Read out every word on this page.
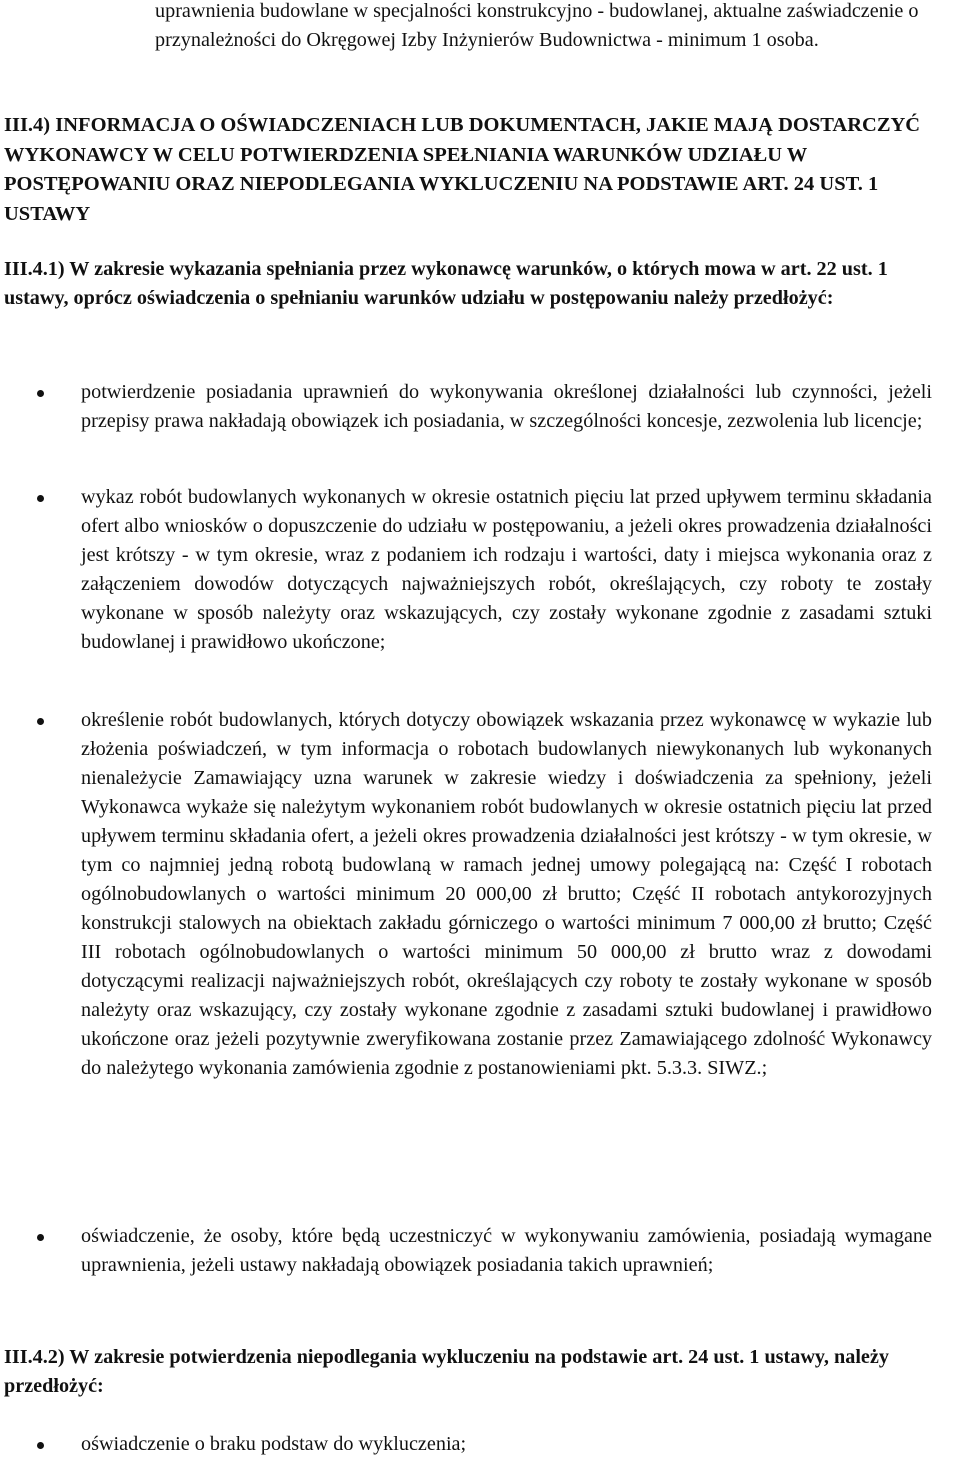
uprawnienia budowlane w specjalności konstrukcyjno - budowlanej, aktualne zaświadczenie o przynależności do Okręgowej Izby Inżynierów Budownictwa - minimum 1 osoba.

III.4) INFORMACJA O OŚWIADCZENIACH LUB DOKUMENTACH, JAKIE MAJĄ DOSTARCZYĆ WYKONAWCY W CELU POTWIERDZENIA SPEŁNIANIA WARUNKÓW UDZIAŁU W POSTĘPOWANIU ORAZ NIEPODLEGANIA WYKLUCZENIU NA PODSTAWIE ART. 24 UST. 1 USTAWY

III.4.1) W zakresie wykazania spełniania przez wykonawcę warunków, o których mowa w art. 22 ust. 1 ustawy, oprócz oświadczenia o spełnianiu warunków udziału w postępowaniu należy przedłożyć:

potwierdzenie posiadania uprawnień do wykonywania określonej działalności lub czynności, jeżeli przepisy prawa nakładają obowiązek ich posiadania, w szczególności koncesje, zezwolenia lub licencje;

wykaz robót budowlanych wykonanych w okresie ostatnich pięciu lat przed upływem terminu składania ofert albo wniosków o dopuszczenie do udziału w postępowaniu, a jeżeli okres prowadzenia działalności jest krótszy - w tym okresie, wraz z podaniem ich rodzaju i wartości, daty i miejsca wykonania oraz z załączeniem dowodów dotyczących najważniejszych robót, określających, czy roboty te zostały wykonane w sposób należyty oraz wskazujących, czy zostały wykonane zgodnie z zasadami sztuki budowlanej i prawidłowo ukończone;

określenie robót budowlanych, których dotyczy obowiązek wskazania przez wykonawcę w wykazie lub złożenia poświadczeń, w tym informacja o robotach budowlanych niewykonanych lub wykonanych nienależycie Zamawiający uzna warunek w zakresie wiedzy i doświadczenia za spełniony, jeżeli Wykonawca wykaże się należytym wykonaniem robót budowlanych w okresie ostatnich pięciu lat przed upływem terminu składania ofert, a jeżeli okres prowadzenia działalności jest krótszy - w tym okresie, w tym co najmniej jedną robotą budowlaną w ramach jednej umowy polegającą na: Część I robotach ogólnobudowlanych o wartości minimum 20 000,00 zł brutto; Część II robotach antykorozyjnych konstrukcji stalowych na obiektach zakładu górniczego o wartości minimum 7 000,00 zł brutto; Część III robotach ogólnobudowlanych o wartości minimum 50 000,00 zł brutto wraz z dowodami dotyczącymi realizacji najważniejszych robót, określających czy roboty te zostały wykonane w sposób należyty oraz wskazujący, czy zostały wykonane zgodnie z zasadami sztuki budowlanej i prawidłowo ukończone oraz jeżeli pozytywnie zweryfikowana zostanie przez Zamawiającego zdolność Wykonawcy do należytego wykonania zamówienia zgodnie z postanowieniami pkt. 5.3.3. SIWZ.;

oświadczenie, że osoby, które będą uczestniczyć w wykonywaniu zamówienia, posiadają wymagane uprawnienia, jeżeli ustawy nakładają obowiązek posiadania takich uprawnień;

III.4.2) W zakresie potwierdzenia niepodlegania wykluczeniu na podstawie art. 24 ust. 1 ustawy, należy przedłożyć:

oświadczenie o braku podstaw do wykluczenia;
